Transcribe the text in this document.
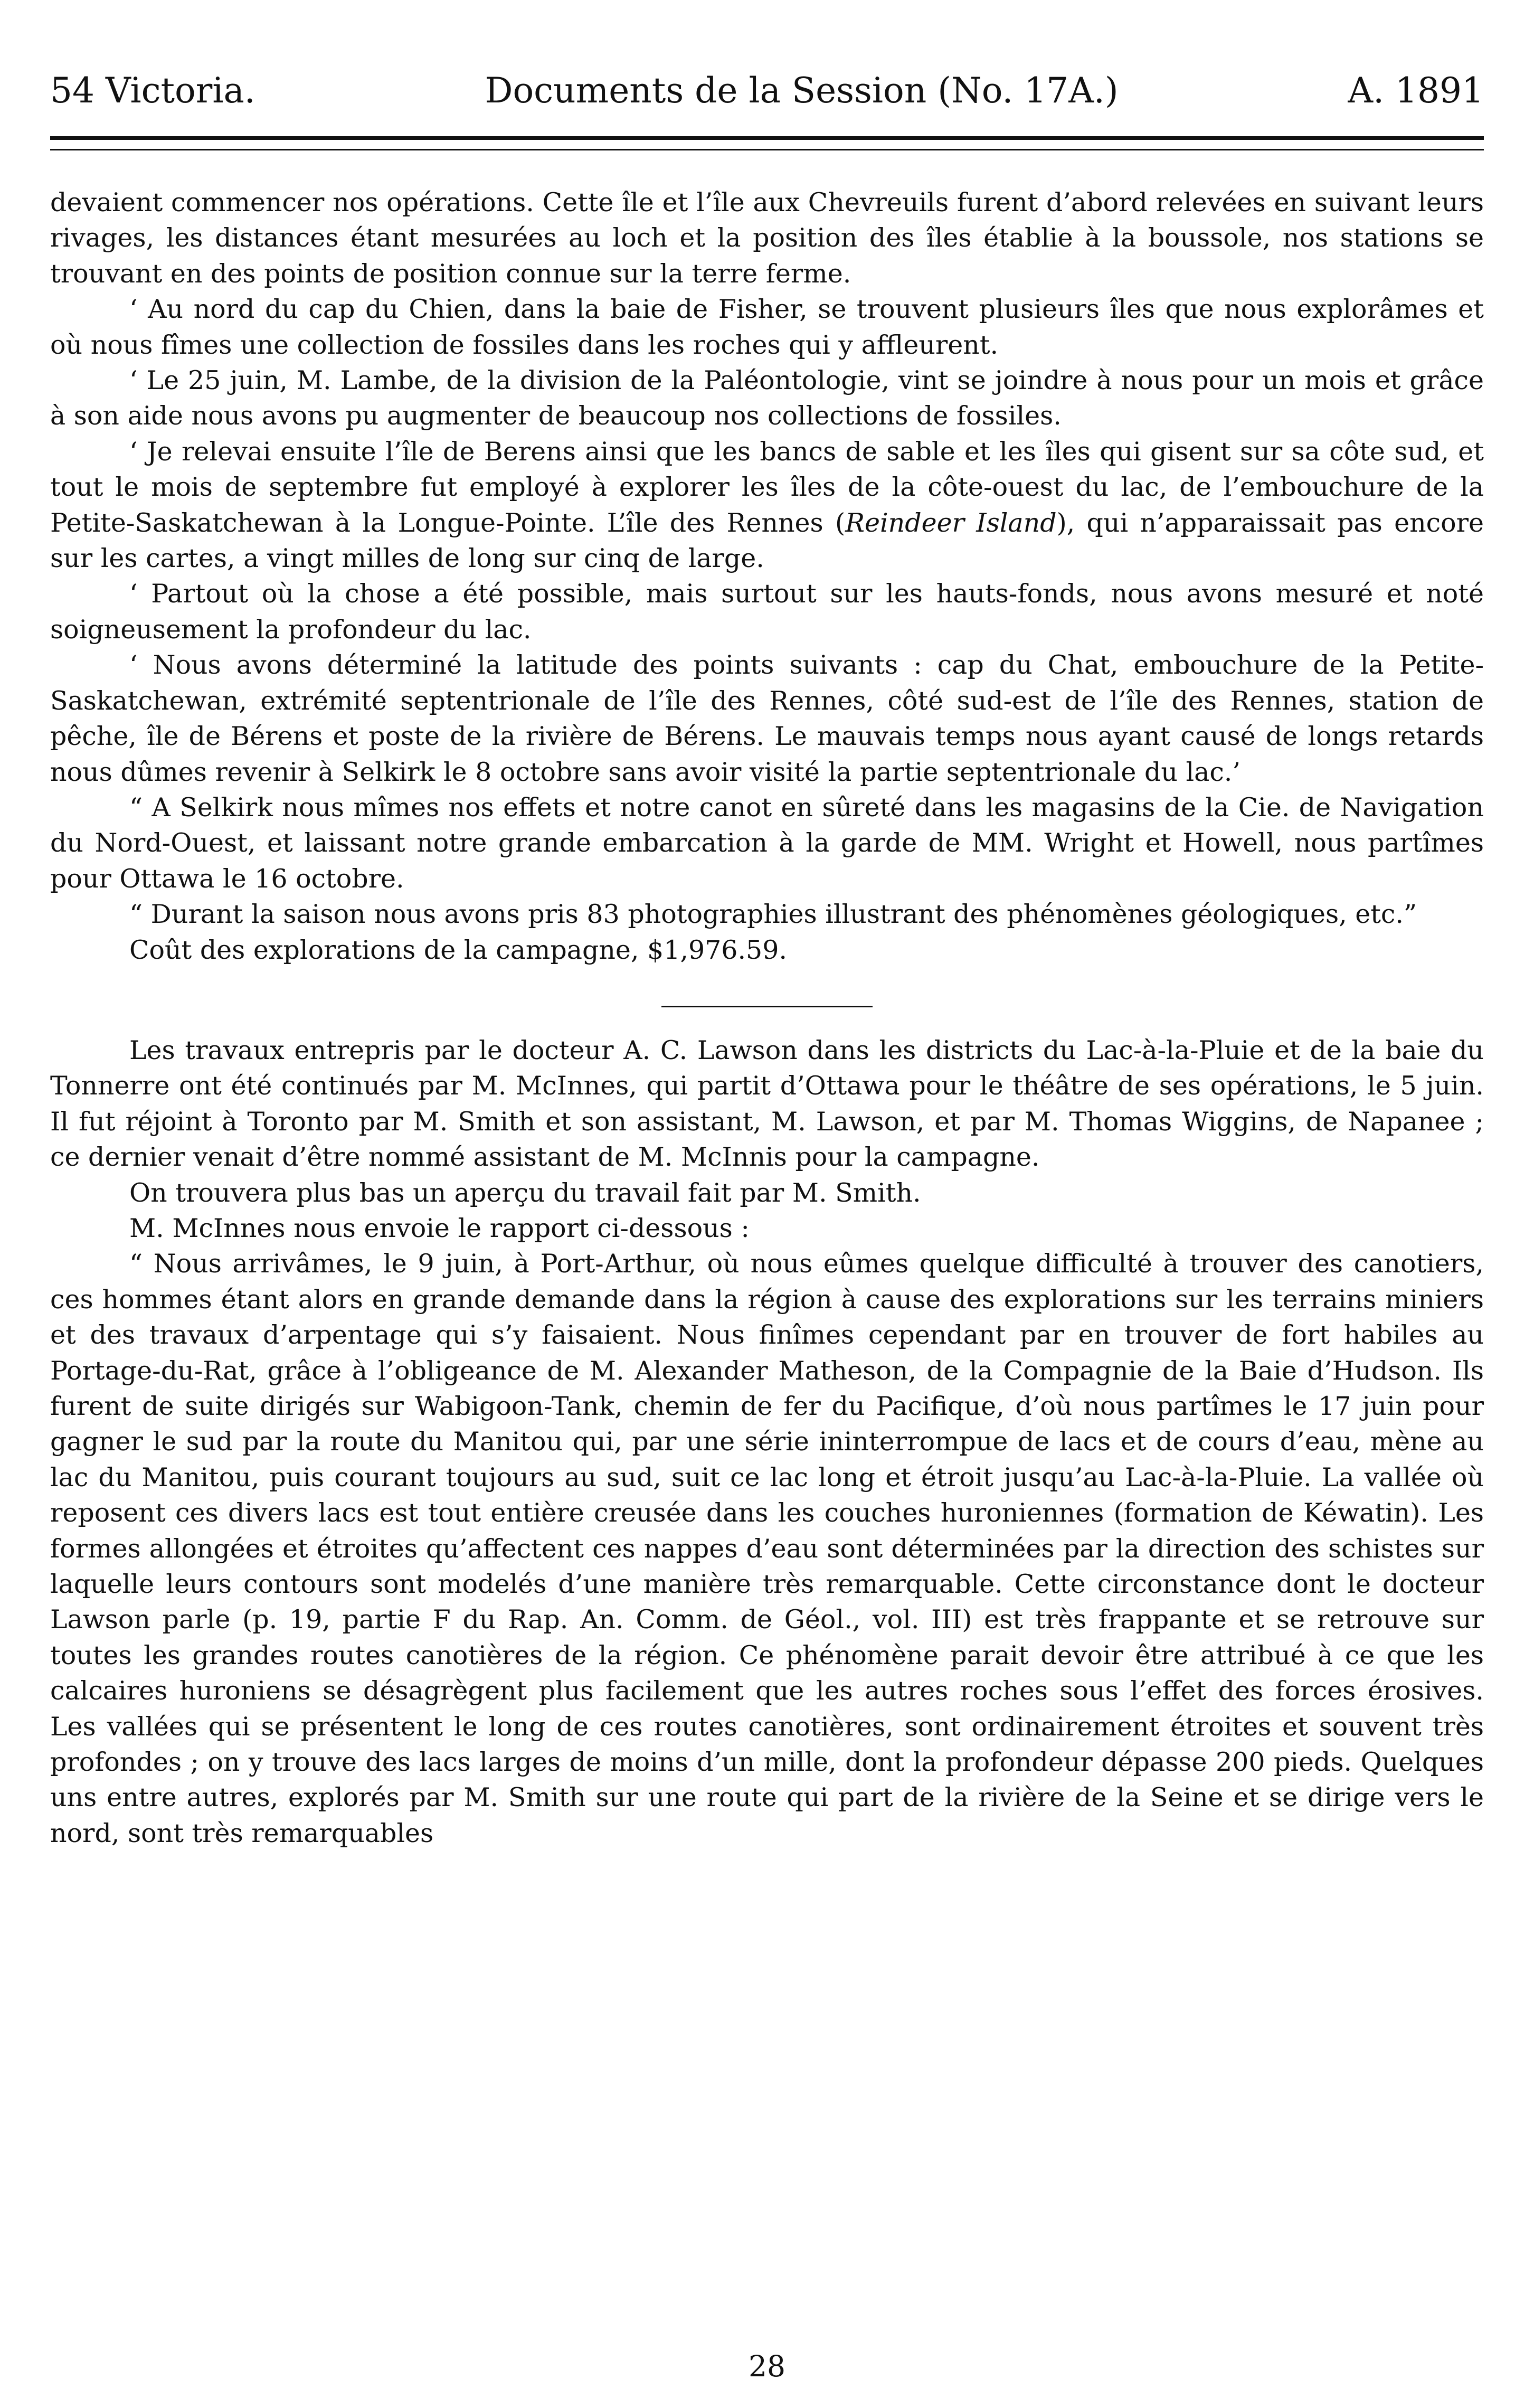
54 Victoria.	Documents de la Session (No. 17A.)	A. 1891

devaient commencer nos opérations. Cette île et l’île aux Chevreuils furent d’abord relevées en suivant leurs rivages, les distances étant mesurées au loch et la position des îles établie à la boussole, nos stations se trouvant en des points de position connue sur la terre ferme.

‘ Au nord du cap du Chien, dans la baie de Fisher, se trouvent plusieurs îles que nous explorâmes et où nous fîmes une collection de fossiles dans les roches qui y affleurent.

‘ Le 25 juin, M. Lambe, de la division de la Paléontologie, vint se joindre à nous pour un mois et grâce à son aide nous avons pu augmenter de beaucoup nos collections de fossiles.

‘ Je relevai ensuite l’île de Berens ainsi que les bancs de sable et les îles qui gisent sur sa côte sud, et tout le mois de septembre fut employé à explorer les îles de la côte-ouest du lac, de l’embouchure de la Petite-Saskatchewan à la Longue-Pointe. L’île des Rennes (Reindeer Island), qui n’apparaissait pas encore sur les cartes, a vingt milles de long sur cinq de large.

‘ Partout où la chose a été possible, mais surtout sur les hauts-fonds, nous avons mesuré et noté soigneusement la profondeur du lac.

‘ Nous avons déterminé la latitude des points suivants : cap du Chat, embouchure de la Petite-Saskatchewan, extrémité septentrionale de l’île des Rennes, côté sud-est de l’île des Rennes, station de pêche, île de Bérens et poste de la rivière de Bérens. Le mauvais temps nous ayant causé de longs retards nous dûmes revenir à Selkirk le 8 octobre sans avoir visité la partie septentrionale du lac.’

“ A Selkirk nous mîmes nos effets et notre canot en sûreté dans les magasins de la Cie. de Navigation du Nord-Ouest, et laissant notre grande embarcation à la garde de MM. Wright et Howell, nous partîmes pour Ottawa le 16 octobre.

“ Durant la saison nous avons pris 83 photographies illustrant des phénomènes géologiques, etc.”

Coût des explorations de la campagne, $1,976.59.

Les travaux entrepris par le docteur A. C. Lawson dans les districts du Lac-à-la-Pluie et de la baie du Tonnerre ont été continués par M. McInnes, qui partit d’Ottawa pour le théâtre de ses opérations, le 5 juin. Il fut réjoint à Toronto par M. Smith et son assistant, M. Lawson, et par M. Thomas Wiggins, de Napanee ; ce dernier venait d’être nommé assistant de M. McInnis pour la campagne.

On trouvera plus bas un aperçu du travail fait par M. Smith.

M. McInnes nous envoie le rapport ci-dessous :

“ Nous arrivâmes, le 9 juin, à Port-Arthur, où nous eûmes quelque difficulté à trouver des canotiers, ces hommes étant alors en grande demande dans la région à cause des explorations sur les terrains miniers et des travaux d’arpentage qui s’y faisaient. Nous finîmes cependant par en trouver de fort habiles au Portage-du-Rat, grâce à l’obligeance de M. Alexander Matheson, de la Compagnie de la Baie d’Hudson. Ils furent de suite dirigés sur Wabigoon-Tank, chemin de fer du Pacifique, d’où nous partîmes le 17 juin pour gagner le sud par la route du Manitou qui, par une série ininterrompue de lacs et de cours d’eau, mène au lac du Manitou, puis courant toujours au sud, suit ce lac long et étroit jusqu’au Lac-à-la-Pluie. La vallée où reposent ces divers lacs est tout entière creusée dans les couches huroniennes (formation de Kéwatin). Les formes allongées et étroites qu’affectent ces nappes d’eau sont déterminées par la direction des schistes sur laquelle leurs contours sont modelés d’une manière très remarquable. Cette circonstance dont le docteur Lawson parle (p. 19, partie F du Rap. An. Comm. de Géol., vol. III) est très frappante et se retrouve sur toutes les grandes routes canotières de la région. Ce phénomène parait devoir être attribué à ce que les calcaires huroniens se désagrègent plus facilement que les autres roches sous l’effet des forces érosives. Les vallées qui se présentent le long de ces routes canotières, sont ordinairement étroites et souvent très profondes ; on y trouve des lacs larges de moins d’un mille, dont la profondeur dépasse 200 pieds. Quelques uns entre autres, explorés par M. Smith sur une route qui part de la rivière de la Seine et se dirige vers le nord, sont très remarquables

28
